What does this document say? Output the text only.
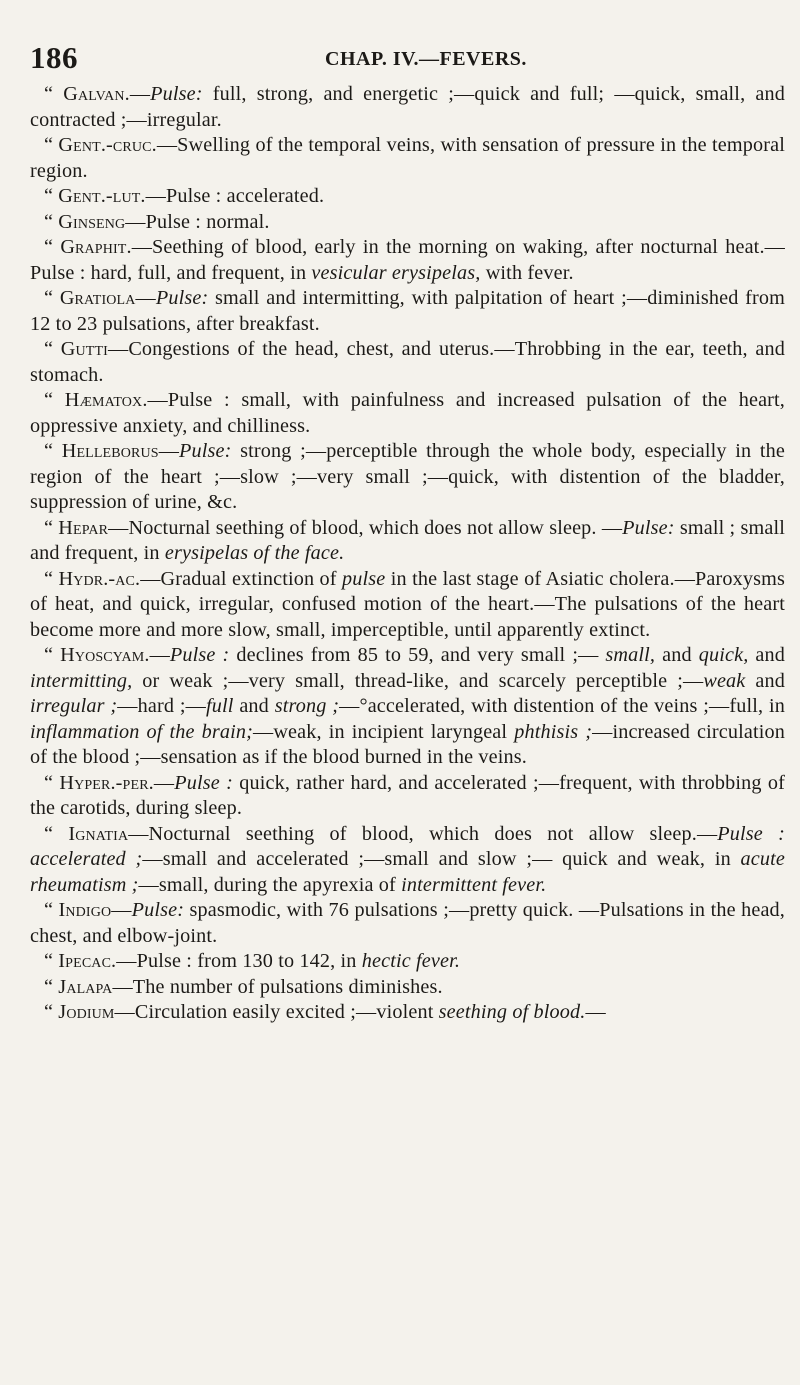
186	CHAP. IV.—FEVERS.

“ Galvan.—Pulse: full, strong, and energetic ;—quick and full; —quick, small, and contracted ;—irregular.

“ Gent.-cruc.—Swelling of the temporal veins, with sensation of pressure in the temporal region.

“ Gent.-lut.—Pulse : accelerated.

“ Ginseng—Pulse : normal.

“ Graphit.—Seething of blood, early in the morning on waking, after nocturnal heat.— Pulse : hard, full, and frequent, in vesicular erysipelas, with fever.

“ Gratiola—Pulse: small and intermitting, with palpitation of heart ;—diminished from 12 to 23 pulsations, after breakfast.

“ Gutti—Congestions of the head, chest, and uterus.—Throbbing in the ear, teeth, and stomach.

“ Hæmatox.—Pulse : small, with painfulness and increased pulsation of the heart, oppressive anxiety, and chilliness.

“ Helleborus—Pulse: strong ;—perceptible through the whole body, especially in the region of the heart ;—slow ;—very small ;—quick, with distention of the bladder, suppression of urine, &c.

“ Hepar—Nocturnal seething of blood, which does not allow sleep. —Pulse: small ; small and frequent, in erysipelas of the face.

“ Hydr.-ac.—Gradual extinction of pulse in the last stage of Asiatic cholera.—Paroxysms of heat, and quick, irregular, confused motion of the heart.—The pulsations of the heart become more and more slow, small, imperceptible, until apparently extinct.

“ Hyoscyam.—Pulse : declines from 85 to 59, and very small ;— small, and quick, and intermitting, or weak ;—very small, thread-like, and scarcely perceptible ;—weak and irregular ;—hard ;—full and strong ;—°accelerated, with distention of the veins ;—full, in inflammation of the brain;—weak, in incipient laryngeal phthisis ;—increased circulation of the blood ;—sensation as if the blood burned in the veins.

“ Hyper.-per.—Pulse : quick, rather hard, and accelerated ;—frequent, with throbbing of the carotids, during sleep.

“ Ignatia—Nocturnal seething of blood, which does not allow sleep.—Pulse : accelerated ;—small and accelerated ;—small and slow ;— quick and weak, in acute rheumatism ;—small, during the apyrexia of intermittent fever.

“ Indigo—Pulse: spasmodic, with 76 pulsations ;—pretty quick. —Pulsations in the head, chest, and elbow-joint.

“ Ipecac.—Pulse : from 130 to 142, in hectic fever.

“ Jalapa—The number of pulsations diminishes.

“ Jodium—Circulation easily excited ;—violent seething of blood.—
